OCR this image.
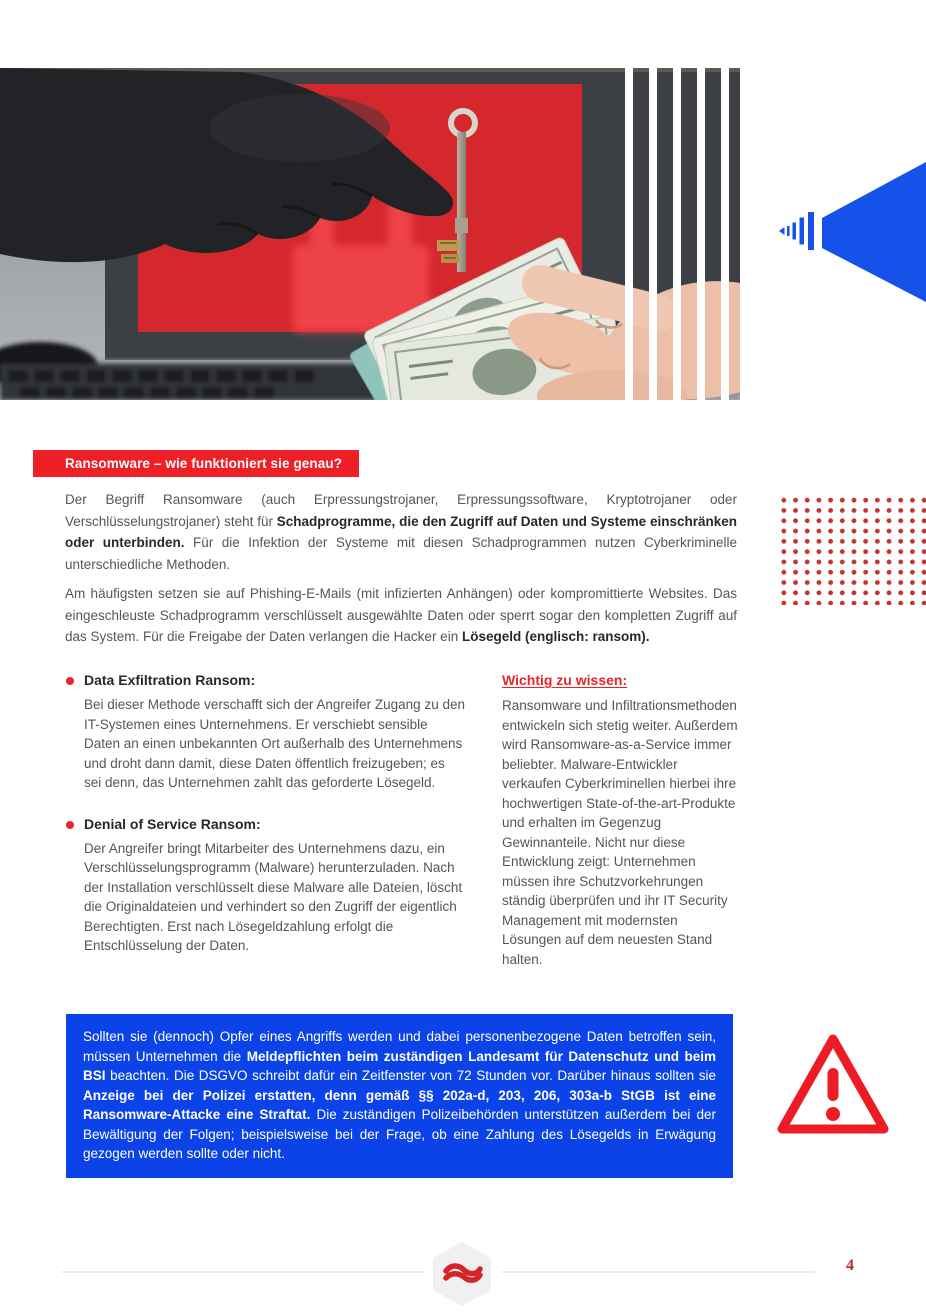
Ransomware – wie funktioniert sie genau?

Der Begriff Ransomware (auch Erpressungstrojaner, Erpressungssoftware, Kryptotrojaner oder Verschlüsselungstrojaner) steht für Schadprogramme, die den Zugriff auf Daten und Systeme einschränken oder unterbinden. Für die Infektion der Systeme mit diesen Schadprogrammen nutzen Cyberkriminelle unterschiedliche Methoden.

Am häufigsten setzen sie auf Phishing-E-Mails (mit infizierten Anhängen) oder kompromittierte Websites. Das eingeschleuste Schadprogramm verschlüsselt ausgewählte Daten oder sperrt sogar den kompletten Zugriff auf das System. Für die Freigabe der Daten verlangen die Hacker ein Lösegeld (englisch: ransom).

Data Exfiltration Ransom:
Bei dieser Methode verschafft sich der Angreifer Zugang zu den IT-Systemen eines Unternehmens. Er verschiebt sensible Daten an einen unbekannten Ort außerhalb des Unternehmens und droht dann damit, diese Daten öffentlich freizugeben; es sei denn, das Unternehmen zahlt das geforderte Lösegeld.
Denial of Service Ransom:
Der Angreifer bringt Mitarbeiter des Unternehmens dazu, ein Verschlüsselungsprogramm (Malware) herunterzuladen. Nach der Installation verschlüsselt diese Malware alle Dateien, löscht die Originaldateien und verhindert so den Zugriff der eigentlich Berechtigten. Erst nach Lösegeldzahlung erfolgt die Entschlüsselung der Daten.
Wichtig zu wissen:
Ransomware und Infiltrationsmethoden entwickeln sich stetig weiter. Außerdem wird Ransomware-as-a-Service immer beliebter. Malware-Entwickler verkaufen Cyberkriminellen hierbei ihre hochwertigen State-of-the-art-Produkte und erhalten im Gegenzug Gewinnanteile. Nicht nur diese Entwicklung zeigt: Unternehmen müssen ihre Schutzvorkehrungen ständig überprüfen und ihr IT Security Management mit modernsten Lösungen auf dem neuesten Stand halten.
Sollten sie (dennoch) Opfer eines Angriffs werden und dabei personenbezogene Daten betroffen sein, müssen Unternehmen die Meldepflichten beim zuständigen Landesamt für Datenschutz und beim BSI beachten. Die DSGVO schreibt dafür ein Zeitfenster von 72 Stunden vor. Darüber hinaus sollten sie Anzeige bei der Polizei erstatten, denn gemäß §§ 202a-d, 203, 206, 303a-b StGB ist eine Ransomware-Attacke eine Straftat. Die zuständigen Polizeibehörden unterstützen außerdem bei der Bewältigung der Folgen; beispielsweise bei der Frage, ob eine Zahlung des Lösegelds in Erwägung gezogen werden sollte oder nicht.
4
